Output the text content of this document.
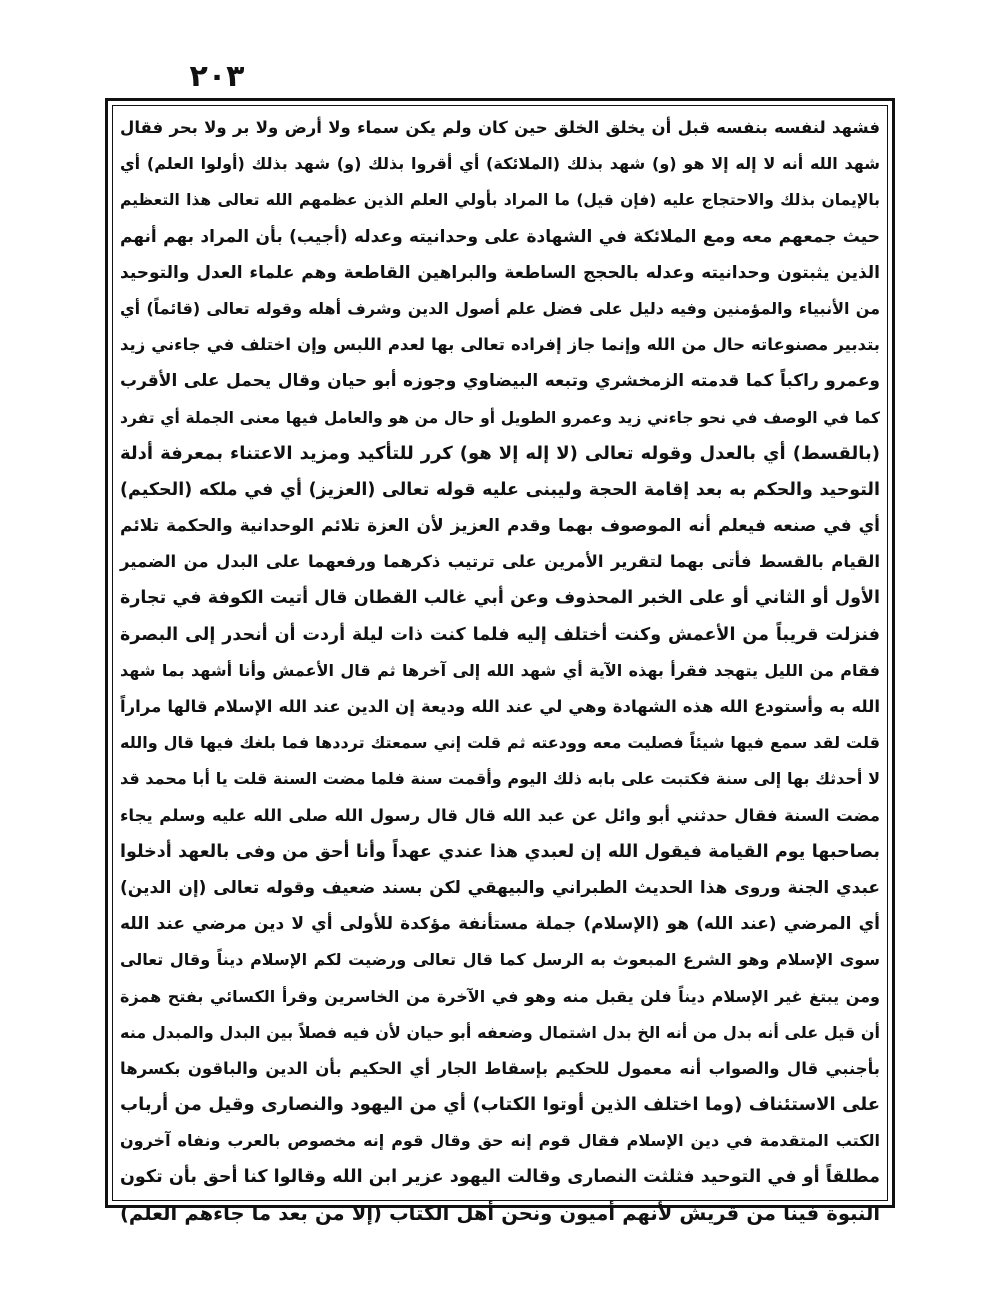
٢٠٣
فشهد لنفسه بنفسه قبل أن يخلق الخلق حين كان ولم يكن سماء ولا أرض ولا بر ولا بحر فقال
شهد الله أنه لا إله إلا هو (و) شهد بذلك (الملائكة) أي أقروا بذلك (و) شهد بذلك (أولوا العلم) أي
بالإيمان بذلك والاحتجاج عليه (فإن قيل) ما المراد بأولي العلم الذين عظمهم الله تعالى هذا التعظيم
حيث جمعهم معه ومع الملائكة في الشهادة على وحدانيته وعدله (أجيب) بأن المراد بهم أنهم
الذين يثبتون وحدانيته وعدله بالحجج الساطعة والبراهين القاطعة وهم علماء العدل والتوحيد
من الأنبياء والمؤمنين وفيه دليل على فضل علم أصول الدين وشرف أهله وقوله تعالى (قائماً) أي
بتدبير مصنوعاته حال من الله وإنما جاز إفراده تعالى بها لعدم اللبس وإن اختلف في جاءني زيد
وعمرو راكباً كما قدمته الزمخشري وتبعه البيضاوي وجوزه أبو حيان وقال يحمل على الأقرب
كما في الوصف في نحو جاءني زيد وعمرو الطويل أو حال من هو والعامل فيها معنى الجملة أي تفرد
(بالقسط) أي بالعدل وقوله تعالى (لا إله إلا هو) كرر للتأكيد ومزيد الاعتناء بمعرفة أدلة
التوحيد والحكم به بعد إقامة الحجة وليبنى عليه قوله تعالى (العزيز) أي في ملكه (الحكيم)
أي في صنعه فيعلم أنه الموصوف بهما وقدم العزيز لأن العزة تلائم الوحدانية والحكمة تلائم
القيام بالقسط فأتى بهما لتقرير الأمرين على ترتيب ذكرهما ورفعهما على البدل من الضمير
الأول أو الثاني أو على الخبر المحذوف وعن أبي غالب القطان قال أتيت الكوفة في تجارة
فنزلت قريباً من الأعمش وكنت أختلف إليه فلما كنت ذات ليلة أردت أن أنحدر إلى البصرة
فقام من الليل يتهجد فقرأ بهذه الآية أي شهد الله إلى آخرها ثم قال الأعمش وأنا أشهد بما شهد
الله به وأستودع الله هذه الشهادة وهي لي عند الله وديعة إن الدين عند الله الإسلام قالها مراراً
قلت لقد سمع فيها شيئاً فصليت معه وودعته ثم قلت إني سمعتك ترددها فما بلغك فيها قال والله
لا أحدثك بها إلى سنة فكتبت على بابه ذلك اليوم وأقمت سنة فلما مضت السنة قلت يا أبا محمد قد
مضت السنة فقال حدثني أبو وائل عن عبد الله قال قال رسول الله صلى الله عليه وسلم يجاء
بصاحبها يوم القيامة فيقول الله إن لعبدي هذا عندي عهداً وأنا أحق من وفى بالعهد أدخلوا
عبدي الجنة وروى هذا الحديث الطبراني والبيهقي لكن بسند ضعيف وقوله تعالى (إن الدين)
أي المرضي (عند الله) هو (الإسلام) جملة مستأنفة مؤكدة للأولى أي لا دين مرضي عند الله
سوى الإسلام وهو الشرع المبعوث به الرسل كما قال تعالى ورضيت لكم الإسلام ديناً وقال تعالى
ومن يبتغ غير الإسلام ديناً فلن يقبل منه وهو في الآخرة من الخاسرين وقرأ الكسائي بفتح همزة
أن قيل على أنه بدل من أنه الخ بدل اشتمال وضعفه أبو حيان لأن فيه فصلاً بين البدل والمبدل منه
بأجنبي قال والصواب أنه معمول للحكيم بإسقاط الجار أي الحكيم بأن الدين والباقون بكسرها
على الاستئناف (وما اختلف الذين أوتوا الكتاب) أي من اليهود والنصارى وقيل من أرباب
الكتب المتقدمة في دين الإسلام فقال قوم إنه حق وقال قوم إنه مخصوص بالعرب ونفاه آخرون
مطلقاً أو في التوحيد فثلثت النصارى وقالت اليهود عزير ابن الله وقالوا كنا أحق بأن تكون
النبوة فينا من قريش لأنهم أميون ونحن أهل الكتاب (إلا من بعد ما جاءهم العلم)
